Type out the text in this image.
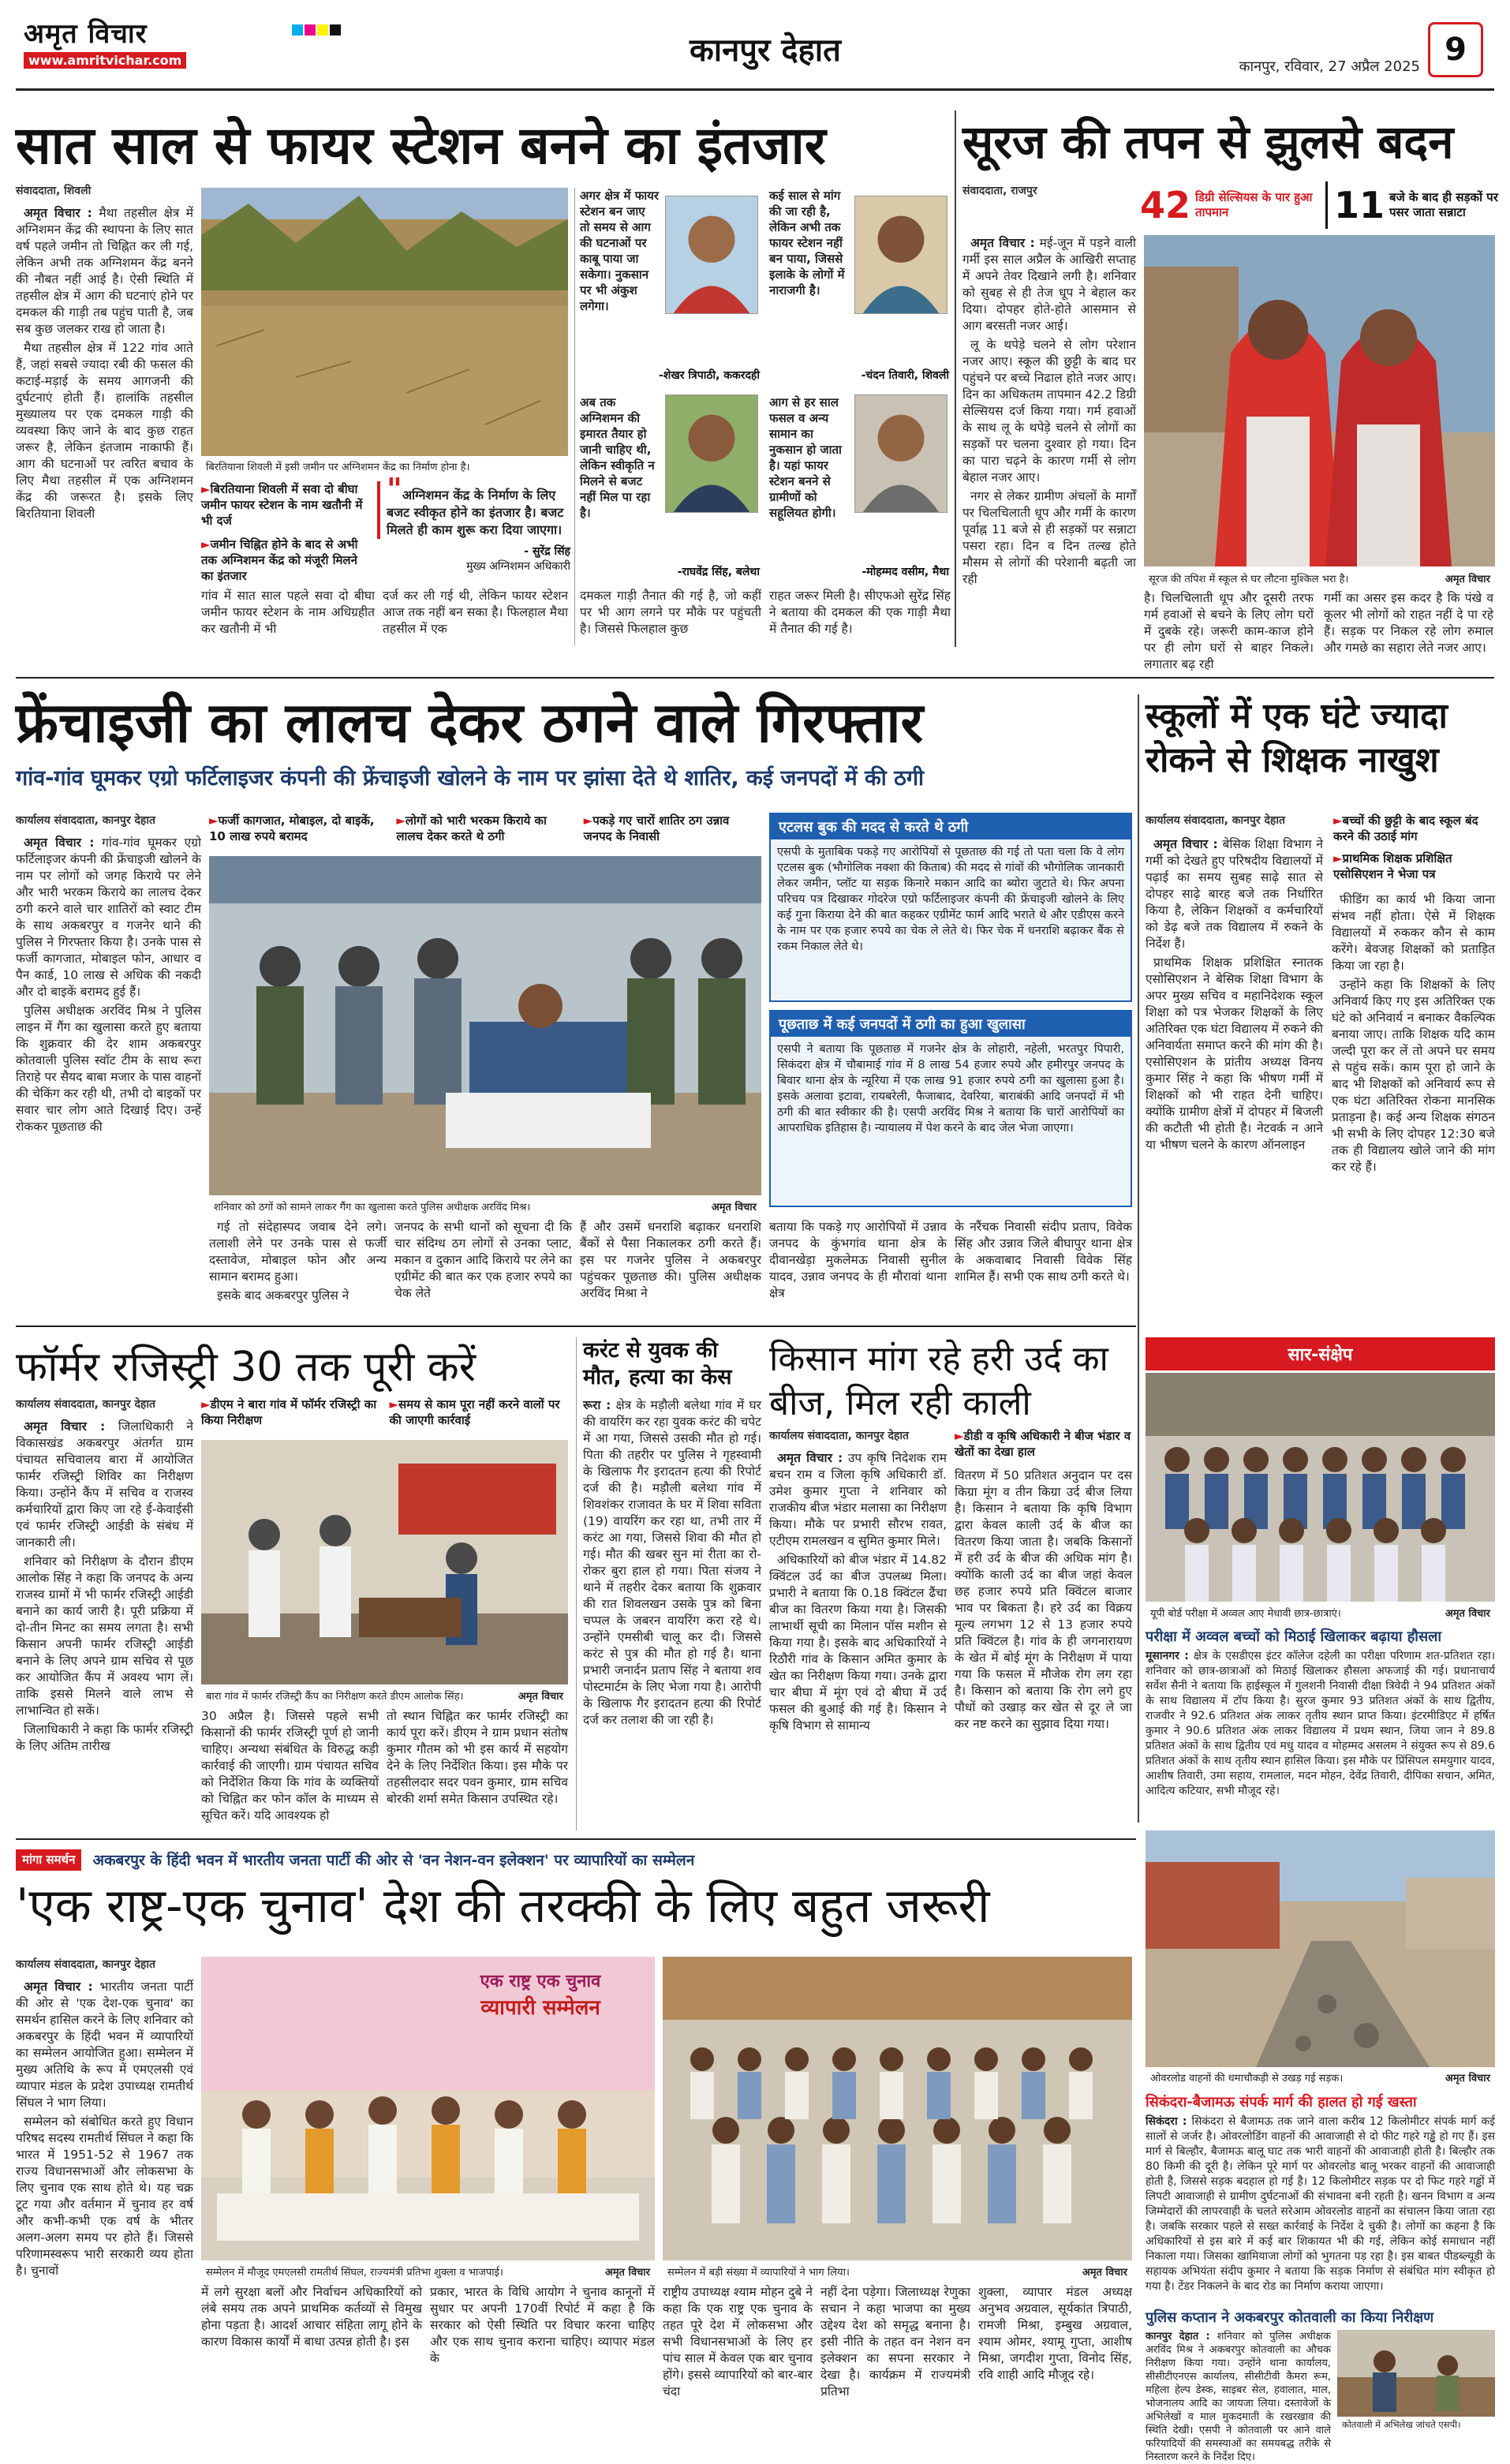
अमृत विचार
www.amritvichar.com	कानपुर देहात	कानपुर, रविवार, 27 अप्रैल 2025 9
सात साल से फायर स्टेशन बनने का इंतजार
संवाददाता, शिवली

अमृत विचार : मैथा तहसील क्षेत्र में अग्निशमन केंद्र की स्थापना के लिए सात वर्ष पहले जमीन तो चिह्नित कर ली गई, लेकिन अभी तक अग्निशमन केंद्र बनने की नौबत नहीं आई है। ऐसी स्थिति में तहसील क्षेत्र में आग की घटनाएं होने पर दमकल की गाड़ी तब पहुंच पाती है, जब सब कुछ जलकर राख हो जाता है।

मैथा तहसील क्षेत्र में 122 गांव आते हैं, जहां सबसे ज्यादा रबी की फसल की कटाई-मड़ाई के समय आगजनी की दुर्घटनाएं होती हैं। हालांकि तहसील मुख्यालय पर एक दमकल गाड़ी की व्यवस्था किए जाने के बाद कुछ राहत जरूर है, लेकिन इंतजाम नाकाफी हैं। आग की घटनाओं पर त्वरित बचाव के लिए मैथा तहसील में एक अग्निशमन केंद्र की जरूरत है। इसके लिए बिरतियाना शिवली

बिरतियाना शिवली में इसी जमीन पर अग्निशमन केंद्र का निर्माण होना है।
► बिरतियाना शिवली में सवा दो बीघा जमीन फायर स्टेशन के नाम खतौनी में भी दर्ज
► जमीन चिह्नित होने के बाद से अभी तक अग्निशमन केंद्र को मंजूरी मिलने का इंतजार
"अग्निशमन केंद्र के निर्माण के लिए बजट स्वीकृत होने का इंतजार है। बजट मिलते ही काम शुरू करा दिया जाएगा।
- सुरेंद्र सिंह
मुख्य अग्निशमन अधिकारी
गांव में सात साल पहले सवा दो बीघा जमीन फायर स्टेशन के नाम अधिग्रहीत कर खतौनी में भी
दर्ज कर ली गई थी, लेकिन फायर स्टेशन आज तक नहीं बन सका है। फिलहाल मैथा तहसील में एक
अगर क्षेत्र में फायर स्टेशन बन जाए तो समय से आग की घटनाओं पर काबू पाया जा सकेगा। नुकसान पर भी अंकुश लगेगा।
-शेखर त्रिपाठी, ककरदही
कई साल से मांग की जा रही है, लेकिन अभी तक फायर स्टेशन नहीं बन पाया, जिससे इलाके के लोगों में नाराजगी है।
-चंदन तिवारी, शिवली
अब तक अग्निशमन की इमारत तैयार हो जानी चाहिए थी, लेकिन स्वीकृति न मिलने से बजट नहीं मिल पा रहा है।
-राघवेंद्र सिंह, बलेथा
आग से हर साल फसल व अन्य सामान का नुकसान हो जाता है। यहां फायर स्टेशन बनने से ग्रामीणों को सहूलियत होगी।
-मोहम्मद वसीम, मैथा
दमकल गाड़ी तैनात की गई है, जो कहीं पर भी आग लगने पर मौके पर पहुंचती है। जिससे फिलहाल कुछ
राहत जरूर मिली है। सीएफओ सुरेंद्र सिंह ने बताया की दमकल की एक गाड़ी मैथा में तैनात की गई है।
सूरज की तपन से झुलसे बदन
संवाददाता, राजपुर	42 डिग्री सेल्सियस के पार हुआ तापमान	11 बजे के बाद ही सड़कों पर पसर जाता सन्नाटा

अमृत विचार : मई-जून में पड़ने वाली गर्मी इस साल अप्रैल के आखिरी सप्ताह में अपने तेवर दिखाने लगी है। शनिवार को सुबह से ही तेज धूप ने बेहाल कर दिया। दोपहर होते-होते आसमान से आग बरसती नजर आई।

लू के थपेड़े चलने से लोग परेशान नजर आए। स्कूल की छुट्टी के बाद घर पहुंचने पर बच्चे निढाल होते नजर आए। दिन का अधिकतम तापमान 42.2 डिग्री सेल्सियस दर्ज किया गया। गर्म हवाओं के साथ लू के थपेड़े चलने से लोगों का सड़कों पर चलना दुश्वार हो गया। दिन का पारा चढ़ने के कारण गर्मी से लोग बेहाल नजर आए।

नगर से लेकर ग्रामीण अंचलों के मार्गों पर चिलचिलाती धूप और गर्मी के कारण पूर्वाह्न 11 बजे से ही सड़कों पर सन्नाटा पसरा रहा। दिन व दिन तल्ख होते मौसम से लोगों की परेशानी बढ़ती जा रही	सूरज की तपिश में स्कूल से घर लौटना मुश्किल भरा है।	अमृत विचार
है। चिलचिलाती धूप और दूसरी तरफ गर्म हवाओं से बचने के लिए लोग घरों में दुबके रहे। जरूरी काम-काज होने पर ही लोग घरों से बाहर निकले। लगातार बढ़ रही
गर्मी का असर इस कदर है कि पंखे व कूलर भी लोगों को राहत नहीं दे पा रहे हैं। सड़क पर निकल रहे लोग रुमाल और गमछे का सहारा लेते नजर आए।
फ्रेंचाइजी का लालच देकर ठगने वाले गिरफ्तार
गांव-गांव घूमकर एग्रो फर्टिलाइजर कंपनी की फ्रेंचाइजी खोलने के नाम पर झांसा देते थे शातिर, कई जनपदों में की ठगी
कार्यालय संवाददाता, कानपुर देहात

अमृत विचार : गांव-गांव घूमकर एग्रो फर्टिलाइजर कंपनी की फ्रेंचाइजी खोलने के नाम पर लोगों को जगह किराये पर लेने और भारी भरकम किराये का लालच देकर ठगी करने वाले चार शातिरों को स्वाट टीम के साथ अकबरपुर व गजनेर थाने की पुलिस ने गिरफ्तार किया है। उनके पास से फर्जी कागजात, मोबाइल फोन, आधार व पैन कार्ड, 10 लाख से अधिक की नकदी और दो बाइकें बरामद हुई हैं।

पुलिस अधीक्षक अरविंद मिश्र ने पुलिस लाइन में गैंग का खुलासा करते हुए बताया कि शुक्रवार की देर शाम अकबरपुर कोतवाली पुलिस स्वॉट टीम के साथ रूरा तिराहे पर सैयद बाबा मजार के पास वाहनों की चेकिंग कर रही थी, तभी दो बाइकों पर सवार चार लोग आते दिखाई दिए। उन्हें रोककर पूछताछ की

► फर्जी कागजात, मोबाइल, दो बाइकें, 10 लाख रुपये बरामद
► लोगों को भारी भरकम किराये का लालच देकर करते थे ठगी
► पकड़े गए चारों शातिर ठग उन्नाव जनपद के निवासी
शनिवार को ठगों को सामने लाकर गैंग का खुलासा करते पुलिस अधीक्षक अरविंद मिश्र।	अमृत विचार

गई तो संदेहास्पद जवाब देने लगे। तलाशी लेने पर उनके पास से फर्जी दस्तावेज, मोबाइल फोन और अन्य सामान बरामद हुआ।

इसके बाद अकबरपुर पुलिस ने

जनपद के सभी थानों को सूचना दी कि चार संदिग्ध ठग लोगों से उनका प्लाट, मकान व दुकान आदि किराये पर लेने का एग्रीमेंट की बात कर एक हजार रुपये का चेक लेते
हैं और उसमें धनराशि बढ़ाकर धनराशि बैंकों से पैसा निकालकर ठगी करते हैं। इस पर गजनेर पुलिस ने अकबरपुर पहुंचकर पूछताछ की। पुलिस अधीक्षक अरविंद मिश्रा ने
एटलस बुक की मदद से करते थे ठगी
एसपी के मुताबिक पकड़े गए आरोपियों से पूछताछ की गई तो पता चला कि वे लोग एटलस बुक (भौगोलिक नक्शा की किताब) की मदद से गांवों की भौगोलिक जानकारी लेकर जमीन, प्लॉट या सड़क किनारे मकान आदि का ब्योरा जुटाते थे। फिर अपना परिचय पत्र दिखाकर गोदरेज एग्रो फर्टिलाइजर कंपनी की फ्रेंचाइजी खोलने के लिए कई गुना किराया देने की बात कहकर एग्रीमेंट फार्म आदि भराते थे और एडीएस करने के नाम पर एक हजार रुपये का चेक ले लेते थे। फिर चेक में धनराशि बढ़ाकर बैंक से रकम निकाल लेते थे।
पूछताछ में कई जनपदों में ठगी का हुआ खुलासा
एसपी ने बताया कि पूछताछ में गजनेर क्षेत्र के लोहारी, नहेली, भरतपुर पिपारी, सिकंदरा क्षेत्र में चौबामाई गांव में 8 लाख 54 हजार रुपये और हमीरपुर जनपद के बिवार थाना क्षेत्र के न्यूरिया में एक लाख 91 हजार रुपये ठगी का खुलासा हुआ है। इसके अलावा इटावा, रायबरेली, फैजाबाद, देवरिया, बाराबंकी आदि जनपदों में भी ठगी की बात स्वीकार की है। एसपी अरविंद मिश्र ने बताया कि चारों आरोपियों का आपराधिक इतिहास है। न्यायालय में पेश करने के बाद जेल भेजा जाएगा।
बताया कि पकड़े गए आरोपियों में उन्नाव जनपद के कुंभगांव थाना क्षेत्र के दीवानखेड़ा मुकलेमऊ निवासी सुनील यादव, उन्नाव जनपद के ही मौरावां थाना क्षेत्र
के नरैंचक निवासी संदीप प्रताप, विवेक सिंह और उन्नाव जिले बीघापुर थाना क्षेत्र के अकवाबाद निवासी विवेक सिंह शामिल हैं। सभी एक साथ ठगी करते थे।
स्कूलों में एक घंटे ज्यादा रोकने से शिक्षक नाखुश
कार्यालय संवाददाता, कानपुर देहात	► बच्चों की छुट्टी के बाद स्कूल बंद करने की उठाई मांग
► प्राथमिक शिक्षक प्रशिक्षित एसोसिएशन ने भेजा पत्र

अमृत विचार : बेसिक शिक्षा विभाग ने गर्मी को देखते हुए परिषदीय विद्यालयों में पढ़ाई का समय सुबह साढ़े सात से दोपहर साढ़े बारह बजे तक निर्धारित किया है, लेकिन शिक्षकों व कर्मचारियों को डेढ़ बजे तक विद्यालय में रुकने के निर्देश हैं।

प्राथमिक शिक्षक प्रशिक्षित स्नातक एसोसिएशन ने बेसिक शिक्षा विभाग के अपर मुख्य सचिव व महानिदेशक स्कूल शिक्षा को पत्र भेजकर शिक्षकों के लिए अतिरिक्त एक घंटा विद्यालय में रुकने की अनिवार्यता समाप्त करने की मांग की है। एसोसिएशन के प्रांतीय अध्यक्ष विनय कुमार सिंह ने कहा कि भीषण गर्मी में शिक्षकों को भी राहत देनी चाहिए। क्योंकि ग्रामीण क्षेत्रों में दोपहर में बिजली की कटौती भी होती है। नेटवर्क न आने या भीषण चलने के कारण ऑनलाइन

फीडिंग का कार्य भी किया जाना संभव नहीं होता। ऐसे में शिक्षक विद्यालयों में रुककर कौन से काम करेंगे। बेवजह शिक्षकों को प्रताड़ित किया जा रहा है।

उन्होंने कहा कि शिक्षकों के लिए अनिवार्य किए गए इस अतिरिक्त एक घंटे को अनिवार्य न बनाकर वैकल्पिक बनाया जाए। ताकि शिक्षक यदि काम जल्दी पूरा कर लें तो अपने घर समय से पहुंच सकें। काम पूरा हो जाने के बाद भी शिक्षकों को अनिवार्य रूप से एक घंटा अतिरिक्त रोकना मानसिक प्रताड़ना है। कई अन्य शिक्षक संगठन भी सभी के लिए दोपहर 12:30 बजे तक ही विद्यालय खोले जाने की मांग कर रहे हैं।

फॉर्मर रजिस्ट्री 30 तक पूरी करें
कार्यालय संवाददाता, कानपुर देहात

अमृत विचार : जिलाधिकारी ने विकासखंड अकबरपुर अंतर्गत ग्राम पंचायत सचिवालय बारा में आयोजित फार्मर रजिस्ट्री शिविर का निरीक्षण किया। उन्होंने कैंप में सचिव व राजस्व कर्मचारियों द्वारा किए जा रहे ई-केवाईसी एवं फार्मर रजिस्ट्री आईडी के संबंध में जानकारी ली।

शनिवार को निरीक्षण के दौरान डीएम आलोक सिंह ने कहा कि जनपद के अन्य राजस्व ग्रामों में भी फार्मर रजिस्ट्री आईडी बनाने का कार्य जारी है। पूरी प्रक्रिया में दो-तीन मिनट का समय लगता है। सभी किसान अपनी फार्मर रजिस्ट्री आईडी बनाने के लिए अपने ग्राम सचिव से पूछ कर आयोजित कैंप में अवश्य भाग लें। ताकि इससे मिलने वाले लाभ से लाभान्वित हो सकें।

जिलाधिकारी ने कहा कि फार्मर रजिस्ट्री के लिए अंतिम तारीख

► डीएम ने बारा गांव में फॉर्मर रजिस्ट्री का किया निरीक्षण
► समय से काम पूरा नहीं करने वालों पर की जाएगी कार्रवाई
बारा गांव में फार्मर रजिस्ट्री कैंप का निरीक्षण करते डीएम आलोक सिंह।	अमृत विचार
30 अप्रैल है। जिससे पहले सभी किसानों की फार्मर रजिस्ट्री पूर्ण हो जानी चाहिए। अन्यथा संबंधित के विरुद्ध कड़ी कार्रवाई की जाएगी। ग्राम पंचायत सचिव को निर्देशित किया कि गांव के व्यक्तियों को चिह्नित कर फोन कॉल के माध्यम से सूचित करें। यदि आवश्यक हो
तो स्थान चिह्नित कर फार्मर रजिस्ट्री का कार्य पूरा करें। डीएम ने ग्राम प्रधान संतोष कुमार गौतम को भी इस कार्य में सहयोग देने के लिए निर्देशित किया। इस मौके पर तहसीलदार सदर पवन कुमार, ग्राम सचिव बोरकी शर्मा समेत किसान उपस्थित रहे।
करंट से युवक की मौत, हत्या का केस
रूरा : क्षेत्र के मड़ौली बलेथा गांव में घर की वायरिंग कर रहा युवक करंट की चपेट में आ गया, जिससे उसकी मौत हो गई। पिता की तहरीर पर पुलिस ने गृहस्वामी के खिलाफ गैर इरादतन हत्या की रिपोर्ट दर्ज की है। मड़ौली बलेथा गांव में शिवशंकर राजावत के घर में शिवा सविता (19) वायरिंग कर रहा था, तभी तार में करंट आ गया, जिससे शिवा की मौत हो गई। मौत की खबर सुन मां रीता का रो-रोकर बुरा हाल हो गया। पिता संजय ने थाने में तहरीर देकर बताया कि शुक्रवार की रात शिवलखन उसके पुत्र को बिना चप्पल के जबरन वायरिंग करा रहे थे। उन्होंने एमसीबी चालू कर दी। जिससे करंट से पुत्र की मौत हो गई है। थाना प्रभारी जनार्दन प्रताप सिंह ने बताया शव पोस्टमार्टम के लिए भेजा गया है। आरोपी के खिलाफ गैर इरादतन हत्या की रिपोर्ट दर्ज कर तलाश की जा रही है।
किसान मांग रहे हरी उर्द का बीज, मिल रही काली
कार्यालय संवाददाता, कानपुर देहात	► डीडी व कृषि अधिकारी ने बीज भंडार व खेतों का देखा हाल

अमृत विचार : उप कृषि निदेशक राम बचन राम व जिला कृषि अधिकारी डॉ. उमेश कुमार गुप्ता ने शनिवार को राजकीय बीज भंडार मलासा का निरीक्षण किया। मौके पर प्रभारी सौरभ रावत, एटीएम रामलखन व सुमित कुमार मिले।

अधिकारियों को बीज भंडार में 14.82 क्विंटल उर्द का बीज उपलब्ध मिला। प्रभारी ने बताया कि 0.18 क्विंटल ढैंचा बीज का वितरण किया गया है। जिसकी लाभार्थी सूची का मिलान पॉस मशीन से किया गया है। इसके बाद अधिकारियों ने रिठौरी गांव के किसान अमित कुमार के खेत का निरीक्षण किया गया। उनके द्वारा चार बीघा में मूंग एवं दो बीघा में उर्द फसल की बुआई की गई है। किसान ने कृषि विभाग से सामान्य

वितरण में 50 प्रतिशत अनुदान पर दस किग्रा मूंग व तीन किग्रा उर्द बीज लिया है। किसान ने बताया कि कृषि विभाग द्वारा केवल काली उर्द के बीज का वितरण किया जाता है। जबकि किसानों में हरी उर्द के बीज की अधिक मांग है। क्योंकि काली उर्द का बीज जहां केवल छह हजार रुपये प्रति क्विंटल बाजार भाव पर बिकता है। हरे उर्द का विक्रय मूल्य लगभग 12 से 13 हजार रुपये प्रति क्विंटल है। गांव के ही जगनारायण के खेत में बोई मूंग के निरीक्षण में पाया गया कि फसल में मौजेक रोग लग रहा है। किसान को बताया कि रोग लगे हुए पौधों को उखाड़ कर खेत से दूर ले जा कर नष्ट करने का सुझाव दिया गया।
सार-संक्षेप
यूपी बोर्ड परीक्षा में अव्वल आए मेधावी छात्र-छात्राएं।	अमृत विचार
परीक्षा में अव्वल बच्चों को मिठाई खिलाकर बढ़ाया हौसला
मूसानगर : क्षेत्र के एसडीएस इंटर कॉलेज दहेली का परीक्षा परिणाम शत-प्रतिशत रहा। शनिवार को छात्र-छात्राओं को मिठाई खिलाकर हौसला अफजाई की गई। प्रधानाचार्य सर्वेश सैनी ने बताया कि हाईस्कूल में गुलशनी निवासी दीक्षा त्रिवेदी ने 94 प्रतिशत अंकों के साथ विद्यालय में टॉप किया है। सुरज कुमार 93 प्रतिशत अंकों के साथ द्वितीय, राजवीर ने 92.6 प्रतिशत अंक लाकर तृतीय स्थान प्राप्त किया। इंटरमीडिएट में हर्षित कुमार ने 90.6 प्रतिशत अंक लाकर विद्यालय में प्रथम स्थान, जिया जान ने 89.8 प्रतिशत अंकों के साथ द्वितीय एवं मधु यादव व मोहम्मद असलम ने संयुक्त रूप से 89.6 प्रतिशत अंकों के साथ तृतीय स्थान हासिल किया। इस मौके पर प्रिंसिपल समयुगार यादव, आशीष तिवारी, उमा सहाय, रामलाल, मदन मोहन, देवेंद्र तिवारी, दीपिका सचान, अमित, आदित्य कटियार, सभी मौजूद रहे।
ओवरलोड वाहनों की धमाचौकड़ी से उखड़ गई सड़क।	अमृत विचार
सिकंदरा-बैजामऊ संपर्क मार्ग की हालत हो गई खस्ता
सिकंदरा : सिकंदरा से बैजामऊ तक जाने वाला करीब 12 किलोमीटर संपर्क मार्ग कई सालों से जर्जर है। ओवरलोडिंग वाहनों की आवाजाही से दो फीट गहरे गड्ढे हो गए हैं। इस मार्ग से बिल्हौर, बैजामऊ बालू घाट तक भारी वाहनों की आवाजाही होती है। बिल्हौर तक 80 किमी की दूरी है। लेकिन पूरे मार्ग पर ओवरलोड बालू भरकर वाहनों की आवाजाही होती है, जिससे सड़क बदहाल हो गई है। 12 किलोमीटर सड़क पर दो फिट गहरे गड्ढों में लिपटी आवाजाही से ग्रामीण दुर्घटनाओं की संभावना बनी रहती है। खनन विभाग व अन्य जिम्मेदारों की लापरवाही के चलते सरेआम ओवरलोड वाहनों का संचालन किया जाता रहा है। जबकि सरकार पहले से सख्त कार्रवाई के निर्देश दे चुकी है। लोगों का कहना है कि अधिकारियों से इस बारे में कई बार शिकायत भी की गई, लेकिन कोई समाधान नहीं निकाला गया। जिसका खामियाजा लोगों को भुगतना पड़ रहा है। इस बाबत पीडब्ल्यूडी के सहायक अभियंता संदीप कुमार ने बताया कि सड़क निर्माण से संबंधित मांग स्वीकृत हो गया है। टेंडर निकलने के बाद रोड का निर्माण कराया जाएगा।
पुलिस कप्तान ने अकबरपुर कोतवाली का किया निरीक्षण
कानपुर देहात : शनिवार को पुलिस अधीक्षक अरविंद मिश्र ने अकबरपुर कोतवाली का औचक निरीक्षण किया गया। उन्होंने थाना कार्यालय, सीसीटीएनएस कार्यालय, सीसीटीवी कैमरा रूम, महिला हेल्प डेस्क, साइबर सेल, हवालात, माल, भोजनालय आदि का जायजा लिया। दस्तावेजों के अभिलेखों व माल मुकदमाती के रखरखाव की स्थिति देखी। एसपी ने कोतवाली पर आने वाले फरियादियों की समस्याओं का समयबद्ध तरीके से निस्तारण करने के निर्देश दिए।
कोतवाली में अभिलेख जांचते एसपी।
मांगा समर्थन	अकबरपुर के हिंदी भवन में भारतीय जनता पार्टी की ओर से 'वन नेशन-वन इलेक्शन' पर व्यापारियों का सम्मेलन
'एक राष्ट्र-एक चुनाव' देश की तरक्की के लिए बहुत जरूरी
कार्यालय संवाददाता, कानपुर देहात

अमृत विचार : भारतीय जनता पार्टी की ओर से 'एक देश-एक चुनाव' का समर्थन हासिल करने के लिए शनिवार को अकबरपुर के हिंदी भवन में व्यापारियों का सम्मेलन आयोजित हुआ। सम्मेलन में मुख्य अतिथि के रूप में एमएलसी एवं व्यापार मंडल के प्रदेश उपाध्यक्ष रामतीर्थ सिंघल ने भाग लिया।

सम्मेलन को संबोधित करते हुए विधान परिषद सदस्य रामतीर्थ सिंघल ने कहा कि भारत में 1951-52 से 1967 तक राज्य विधानसभाओं और लोकसभा के लिए चुनाव एक साथ होते थे। यह चक्र टूट गया और वर्तमान में चुनाव हर वर्ष और कभी-कभी एक वर्ष के भीतर अलग-अलग समय पर होते हैं। जिससे परिणामस्वरूप भारी सरकारी व्यय होता है। चुनावों

एक राष्ट्र एक चुनाव
व्यापारी सम्मेलन
सम्मेलन में मौजूद एमएलसी रामतीर्थ सिंघल, राज्यमंत्री प्रतिभा शुक्ला व भाजपाई।	अमृत विचार सम्मेलन में बड़ी संख्या में व्यापारियों ने भाग लिया।	अमृत विचार
में लगे सुरक्षा बलों और निर्वाचन अधिकारियों को लंबे समय तक अपने प्राथमिक कर्तव्यों से विमुख होना पड़ता है। आदर्श आचार संहिता लागू होने के कारण विकास कार्यों में बाधा उत्पन्न होती है। इस
प्रकार, भारत के विधि आयोग ने चुनाव कानूनों में सुधार पर अपनी 170वीं रिपोर्ट में कहा है कि सरकार को ऐसी स्थिति पर विचार करना चाहिए और एक साथ चुनाव कराना चाहिए। व्यापार मंडल के
राष्ट्रीय उपाध्यक्ष श्याम मोहन दुबे ने कहा कि एक राष्ट्र एक चुनाव के तहत पूरे देश में लोकसभा और सभी विधानसभाओं के लिए हर पांच साल में केवल एक बार चुनाव होंगे। इससे व्यापारियों को बार-बार चंदा
नहीं देना पड़ेगा। जिलाध्यक्ष रेणुका सचान ने कहा भाजपा का मुख्य उद्देश्य देश को समृद्ध बनाना है। इसी नीति के तहत वन नेशन वन इलेक्शन का सपना सरकार ने देखा है। कार्यक्रम में राज्यमंत्री प्रतिभा
शुक्ला, व्यापार मंडल अध्यक्ष अनुभव अग्रवाल, सूर्यकांत त्रिपाठी, रामजी मिश्रा, इम्बुख अग्रवाल, श्याम ओमर, श्यामू गुप्ता, आशीष मिश्रा, जगदीश गुप्ता, विनोद सिंह, रवि शाही आदि मौजूद रहे।
